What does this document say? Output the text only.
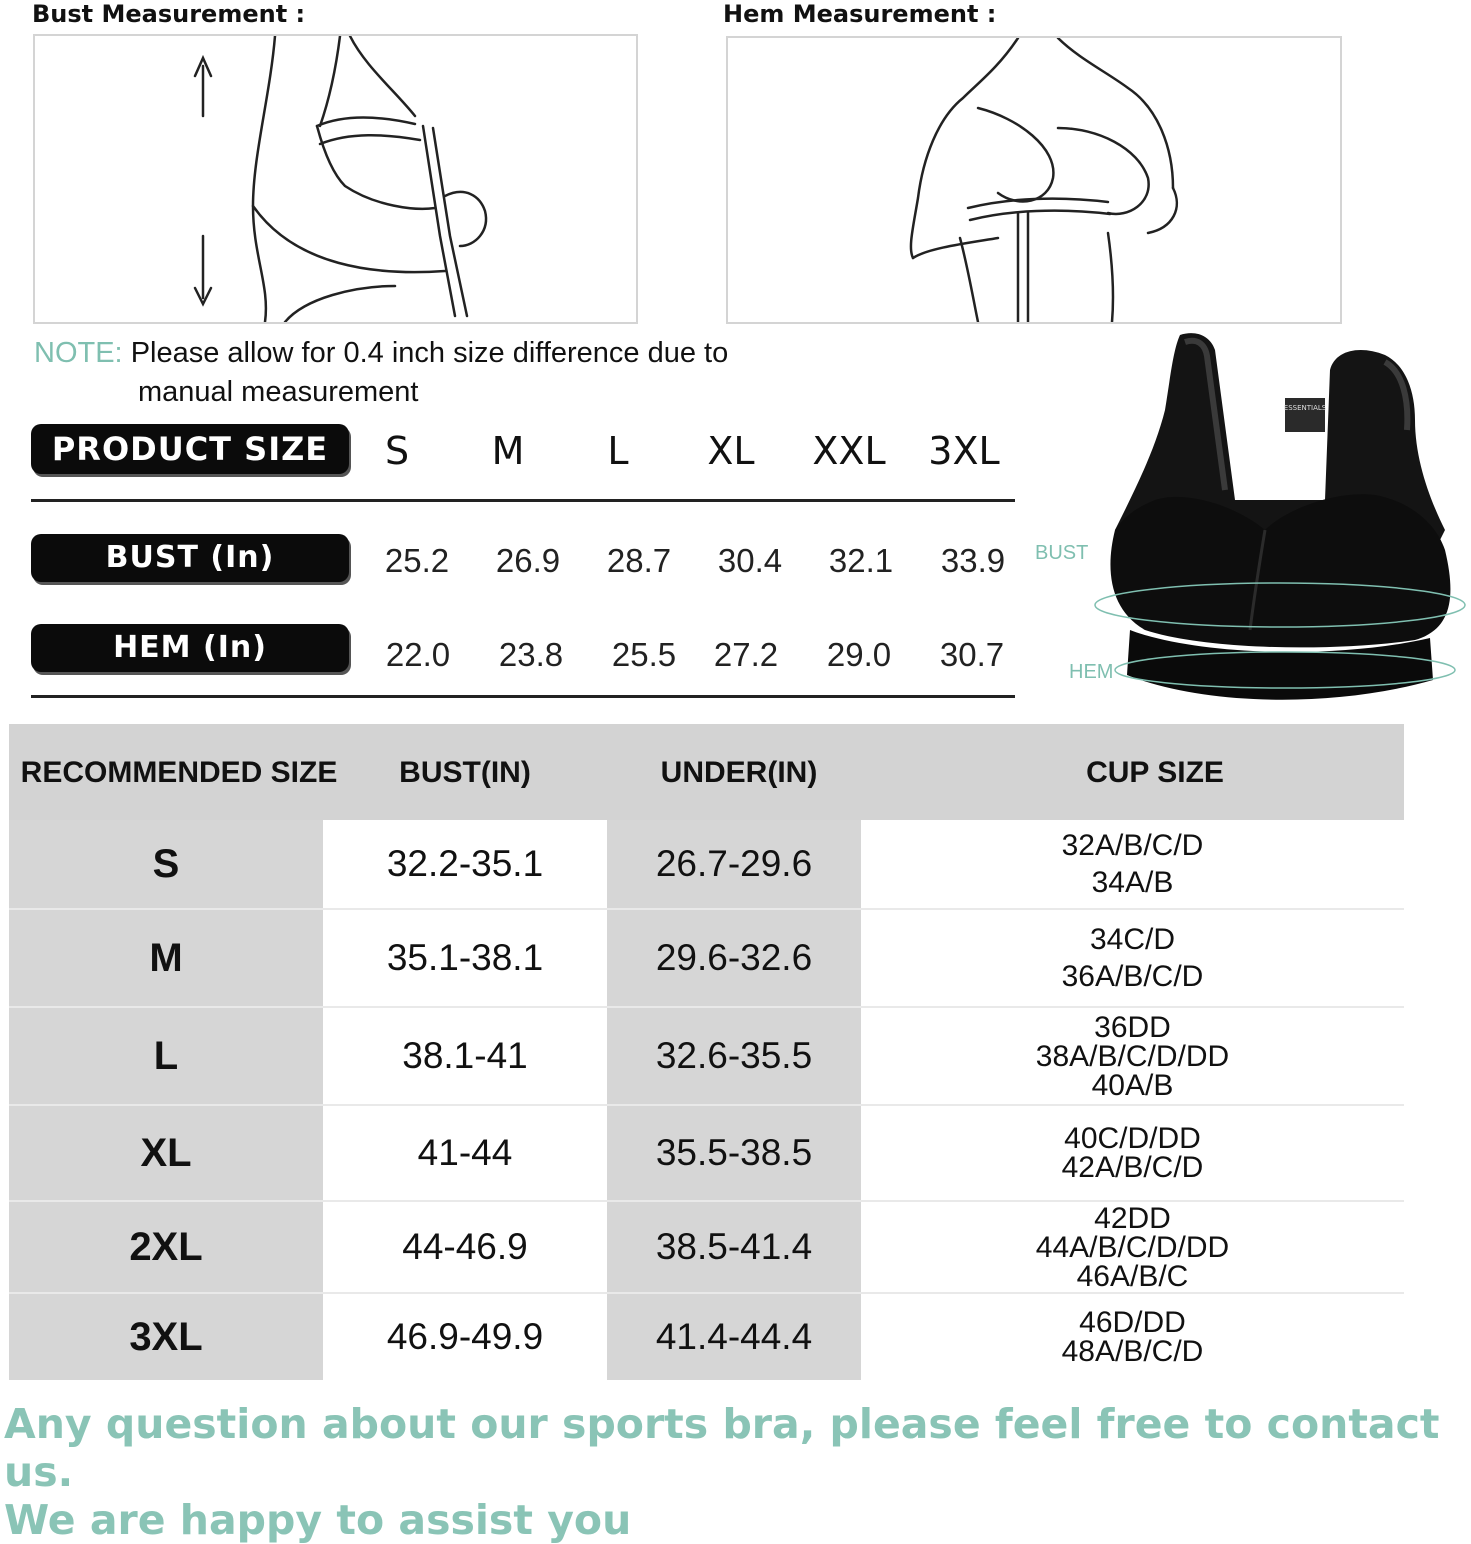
Bust Measurement :	Hem Measurement :
NOTE: Please allow for 0.4 inch size difference due to
manual measurement
PRODUCT SIZE	S	M	L	XL	XXL	3XL
BUST (In)	25.2	26.9	28.7	30.4	32.1	33.9
HEM (In)	22.0	23.8	25.5	27.2	29.0	30.7
ESSENTIALS
BUST
HEM
RECOMMENDED SIZE	BUST(IN)	UNDER(IN)	CUP SIZE
S	32.2-35.1	26.7-29.6	32A/B/C/D
34A/B
M	35.1-38.1	29.6-32.6	34C/D
36A/B/C/D
L	38.1-41	32.6-35.5
36DD
38A/B/C/D/DD
40A/B
XL	41-44	35.5-38.5	40C/D/DD
42A/B/C/D
2XL	44-46.9	38.5-41.4
42DD
44A/B/C/D/DD
46A/B/C
3XL	46.9-49.9	41.4-44.4	46D/DD
48A/B/C/D
Any question about our sports bra, please feel free to contact us.
We are happy to assist you
